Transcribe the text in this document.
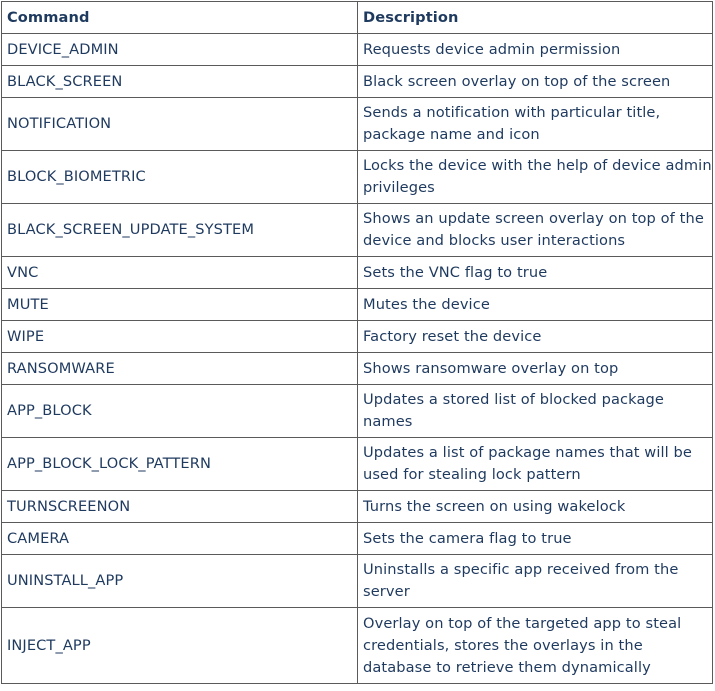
Command	Description
DEVICE_ADMIN	Requests device admin permission
BLACK_SCREEN	Black screen overlay on top of the screen
NOTIFICATION	Sends a notification with particular title, package name and icon
BLOCK_BIOMETRIC	Locks the device with the help of device admin privileges
BLACK_SCREEN_UPDATE_SYSTEM	Shows an update screen overlay on top of the device and blocks user interactions
VNC	Sets the VNC flag to true
MUTE	Mutes the device
WIPE	Factory reset the device
RANSOMWARE	Shows ransomware overlay on top
APP_BLOCK	Updates a stored list of blocked package names
APP_BLOCK_LOCK_PATTERN	Updates a list of package names that will be used for stealing lock pattern
TURNSCREENON	Turns the screen on using wakelock
CAMERA	Sets the camera flag to true
UNINSTALL_APP	Uninstalls a specific app received from the server
INJECT_APP	Overlay on top of the targeted app to steal credentials, stores the overlays in the database to retrieve them dynamically
